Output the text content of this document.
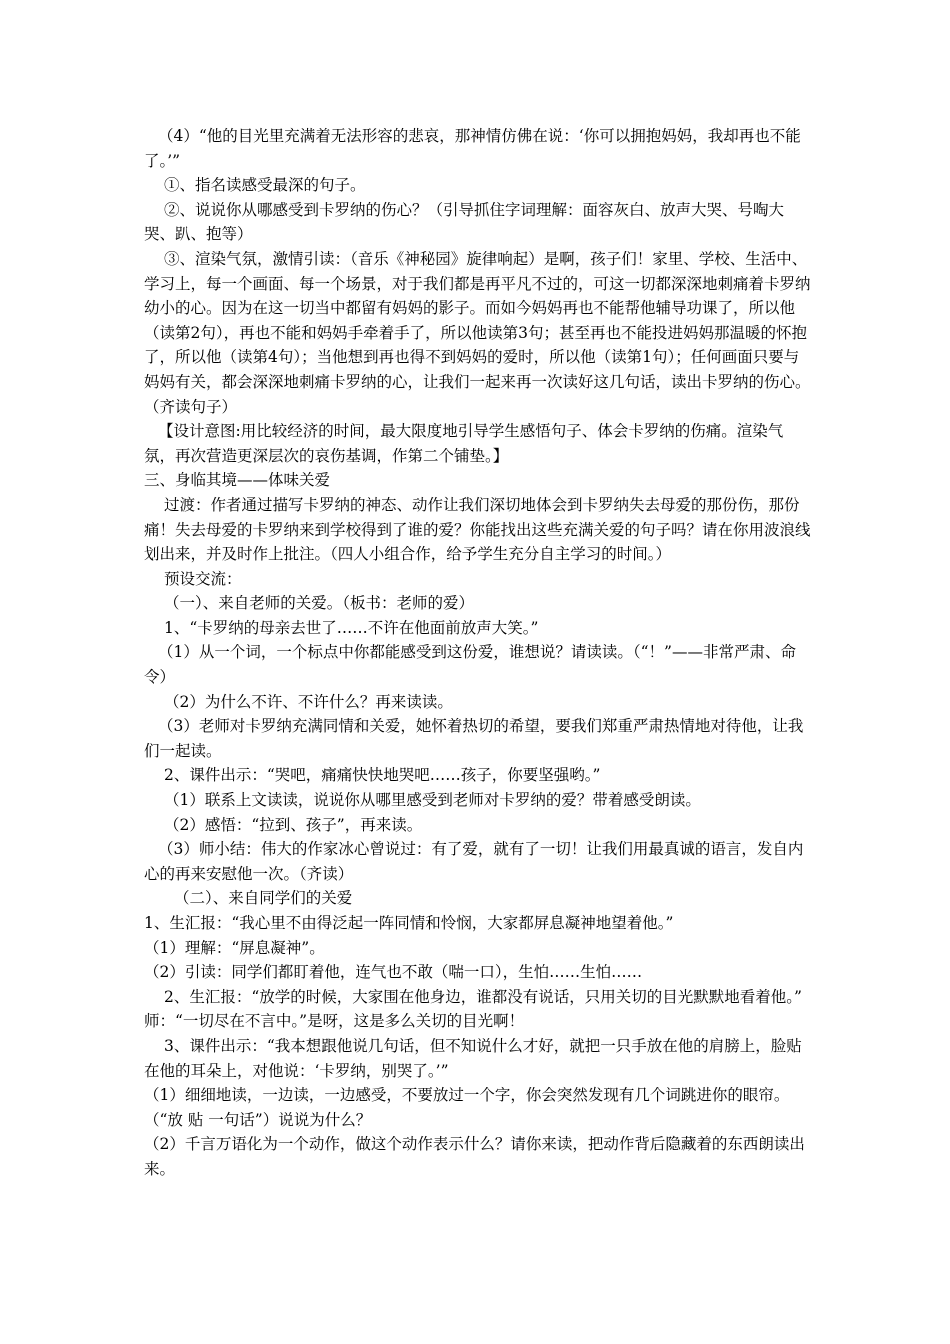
（4）“他的目光里充满着无法形容的悲哀，那神情仿佛在说：‘你可以拥抱妈妈，我却再也不能了。’”

①、指名读感受最深的句子。

②、说说你从哪感受到卡罗纳的伤心？（引导抓住字词理解：面容灰白、放声大哭、号啕大哭、趴、抱等）

③、渲染气氛，激情引读：（音乐《神秘园》旋律响起）是啊，孩子们！家里、学校、生活中、学习上，每一个画面、每一个场景，对于我们都是再平凡不过的，可这一切都深深地刺痛着卡罗纳幼小的心。因为在这一切当中都留有妈妈的影子。而如今妈妈再也不能帮他辅导功课了，所以他（读第2句），再也不能和妈妈手牵着手了，所以他读第3句；甚至再也不能投进妈妈那温暖的怀抱了，所以他（读第4句）；当他想到再也得不到妈妈的爱时，所以他（读第1句）；任何画面只要与妈妈有关，都会深深地刺痛卡罗纳的心，让我们一起来再一次读好这几句话，读出卡罗纳的伤心。（齐读句子）

【设计意图:用比较经济的时间，最大限度地引导学生感悟句子、体会卡罗纳的伤痛。渲染气氛，再次营造更深层次的哀伤基调，作第二个铺垫。】

三、身临其境——体味关爱

过渡：作者通过描写卡罗纳的神态、动作让我们深切地体会到卡罗纳失去母爱的那份伤，那份痛！失去母爱的卡罗纳来到学校得到了谁的爱？你能找出这些充满关爱的句子吗？请在你用波浪线划出来，并及时作上批注。（四人小组合作，给予学生充分自主学习的时间。）

预设交流：

（一）、来自老师的关爱。（板书：老师的爱）

1、“卡罗纳的母亲去世了……不许在他面前放声大笑。”

（1）从一个词，一个标点中你都能感受到这份爱，谁想说？请读读。（“！”——非常严肃、命令）

（2）为什么不许、不许什么？再来读读。

（3）老师对卡罗纳充满同情和关爱，她怀着热切的希望，要我们郑重严肃热情地对待他，让我们一起读。

2、课件出示：“哭吧，痛痛快快地哭吧……孩子，你要坚强哟。”

（1）联系上文读读，说说你从哪里感受到老师对卡罗纳的爱？带着感受朗读。

（2）感悟：“拉到、孩子”，再来读。

（3）师小结：伟大的作家冰心曾说过：有了爱，就有了一切！让我们用最真诚的语言，发自内心的再来安慰他一次。（齐读）

（二）、来自同学们的关爱

1、生汇报：“我心里不由得泛起一阵同情和怜悯，大家都屏息凝神地望着他。”

（1）理解：“屏息凝神”。

（2）引读：同学们都盯着他，连气也不敢（喘一口），生怕……生怕……

2、生汇报：“放学的时候，大家围在他身边，谁都没有说话，只用关切的目光默默地看着他。”

师：“一切尽在不言中。”是呀，这是多么关切的目光啊！

3、课件出示：“我本想跟他说几句话，但不知说什么才好，就把一只手放在他的肩膀上，脸贴在他的耳朵上，对他说：‘卡罗纳，别哭了。’”

（1）细细地读，一边读，一边感受，不要放过一个字，你会突然发现有几个词跳进你的眼帘。（“放 贴 一句话”）说说为什么？

（2）千言万语化为一个动作，做这个动作表示什么？请你来读，把动作背后隐藏着的东西朗读出来。
